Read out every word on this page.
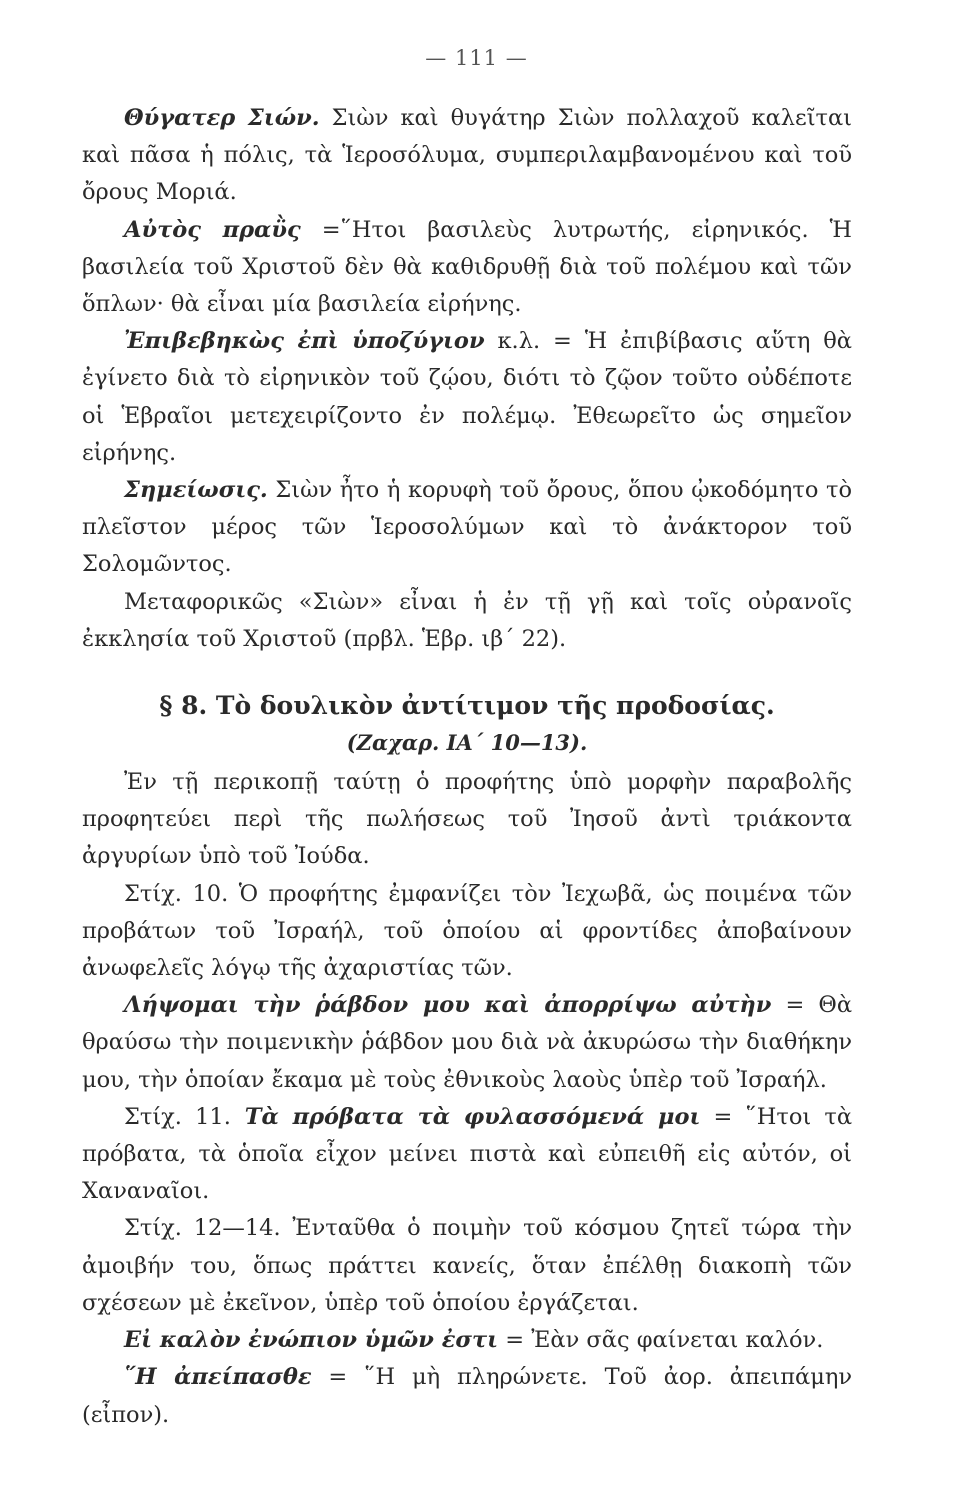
— 111 —

Θύγατερ Σιών. Σιὼν καὶ θυγάτηρ Σιὼν πολλαχοῦ καλεῖται καὶ πᾶσα ἡ πόλις, τὰ Ἱεροσόλυμα, συμπεριλαμβανομένου καὶ τοῦ ὄρους Μοριά.

Αὐτὸς πραῢς =῞Ητοι βασιλεὺς λυτρωτής, εἰρηνικός. Ἡ βασιλεία τοῦ Χριστοῦ δὲν θὰ καθιδρυθῇ διὰ τοῦ πολέμου καὶ τῶν ὅπλων· θὰ εἶναι μία βασιλεία εἰρήνης.

Ἐπιβεβηκὼς ἐπὶ ὑποζύγιον κ.λ. = Ἡ ἐπιβίβασις αὕτη θὰ ἐγίνετο διὰ τὸ εἰρηνικὸν τοῦ ζῴου, διότι τὸ ζῷον τοῦτο οὐδέποτε οἱ Ἑβραῖοι μετεχειρίζοντο ἐν πολέμῳ. Ἐθεωρεῖτο ὡς σημεῖον εἰρήνης.

Σημείωσις. Σιὼν ἦτο ἡ κορυφὴ τοῦ ὄρους, ὅπου ᾠκοδόμητο τὸ πλεῖστον μέρος τῶν Ἱεροσολύμων καὶ τὸ ἀνάκτορον τοῦ Σολομῶντος.

Μεταφορικῶς «Σιὼν» εἶναι ἡ ἐν τῇ γῇ καὶ τοῖς οὐρανοῖς ἐκκλησία τοῦ Χριστοῦ (πρβλ. Ἑβρ. ιβ΄ 22).

§ 8. Τὸ δουλικὸν ἀντίτιμον τῆς προδοσίας.

(Ζαχαρ. ΙΑ΄ 10—13).

Ἐν τῇ περικοπῇ ταύτῃ ὁ προφήτης ὑπὸ μορφὴν παραβολῆς προφητεύει περὶ τῆς πωλήσεως τοῦ Ἰησοῦ ἀντὶ τριάκοντα ἀργυρίων ὑπὸ τοῦ Ἰούδα.

Στίχ. 10. Ὁ προφήτης ἐμφανίζει τὸν Ἰεχωβᾶ, ὡς ποιμένα τῶν προβάτων τοῦ Ἰσραήλ, τοῦ ὁποίου αἱ φροντίδες ἀποβαίνουν ἀνωφελεῖς λόγῳ τῆς ἀχαριστίας τῶν.

Λήψομαι τὴν ῥάβδον μου καὶ ἀπορρίψω αὐτὴν = Θὰ θραύσω τὴν ποιμενικὴν ῥάβδον μου διὰ νὰ ἀκυρώσω τὴν διαθήκην μου, τὴν ὁποίαν ἔκαμα μὲ τοὺς ἐθνικοὺς λαοὺς ὑπὲρ τοῦ Ἰσραήλ.

Στίχ. 11. Τὰ πρόβατα τὰ φυλασσόμενά μοι = ῞Ητοι τὰ πρόβατα, τὰ ὁποῖα εἶχον μείνει πιστὰ καὶ εὐπειθῆ εἰς αὐτόν, οἱ Χαναναῖοι.

Στίχ. 12—14. Ἐνταῦθα ὁ ποιμὴν τοῦ κόσμου ζητεῖ τώρα τὴν ἀμοιβήν του, ὅπως πράττει κανείς, ὅταν ἐπέλθῃ διακοπὴ τῶν σχέσεων μὲ ἐκεῖνον, ὑπὲρ τοῦ ὁποίου ἐργάζεται.

Εἰ καλὸν ἐνώπιον ὑμῶν ἐστι = Ἐὰν σᾶς φαίνεται καλόν.

῞Η ἀπείπασθε = ῞Η μὴ πληρώνετε. Τοῦ ἀορ. ἀπειπάμην (εἶπον).
